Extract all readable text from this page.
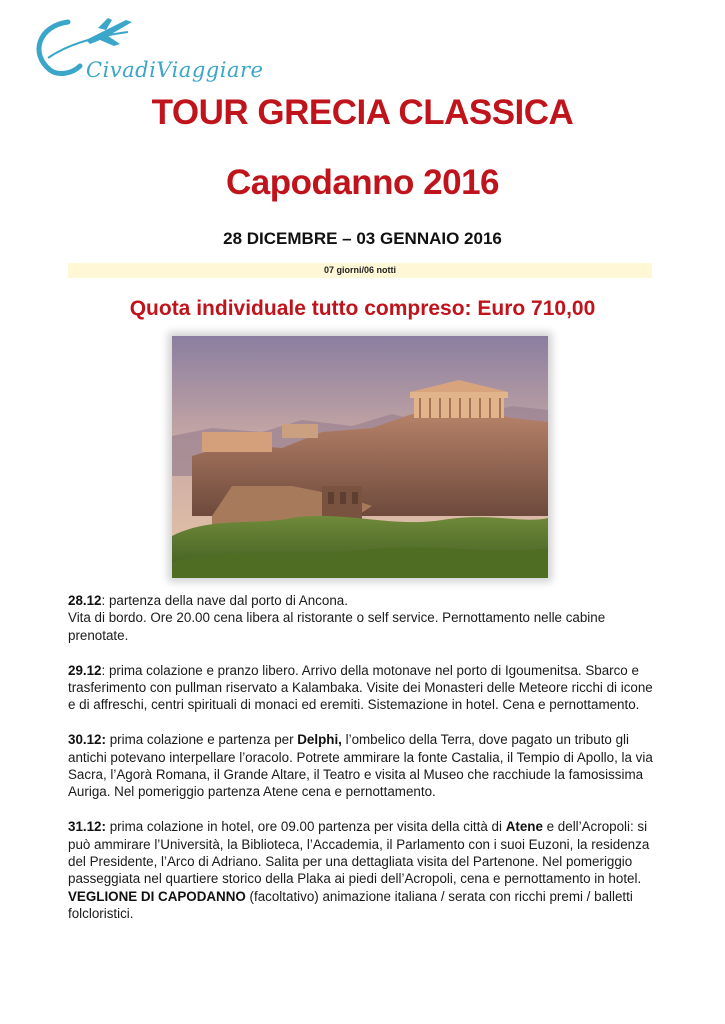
CivadiViaggiare
TOUR GRECIA CLASSICA
Capodanno 2016
28 DICEMBRE – 03 GENNAIO 2016
07 giorni/06 notti
Quota individuale tutto compreso: Euro 710,00
28.12: partenza della nave dal porto di Ancona.
Vita di bordo. Ore 20.00 cena libera al ristorante o self service. Pernottamento nelle cabine prenotate.
29.12: prima colazione e pranzo libero. Arrivo della motonave nel porto di Igoumenitsa. Sbarco e trasferimento con pullman riservato a Kalambaka. Visite dei Monasteri delle Meteore ricchi di icone e di affreschi, centri spirituali di monaci ed eremiti. Sistemazione in hotel. Cena e pernottamento.
30.12: prima colazione e partenza per Delphi, l’ombelico della Terra, dove pagato un tributo gli antichi potevano interpellare l’oracolo. Potrete ammirare la fonte Castalia, il Tempio di Apollo, la via Sacra, l’Agorà Romana, il Grande Altare, il Teatro e visita al Museo che racchiude la famosissima Auriga. Nel pomeriggio partenza Atene cena e pernottamento.
31.12: prima colazione in hotel, ore 09.00 partenza per visita della città di Atene e dell’Acropoli: si può ammirare l’Università, la Biblioteca, l’Accademia, il Parlamento con i suoi Euzoni, la residenza del Presidente, l’Arco di Adriano. Salita per una dettagliata visita del Partenone. Nel pomeriggio passeggiata nel quartiere storico della Plaka ai piedi dell’Acropoli, cena e pernottamento in hotel.
VEGLIONE DI CAPODANNO (facoltativo) animazione italiana / serata con ricchi premi / balletti folcloristici.
